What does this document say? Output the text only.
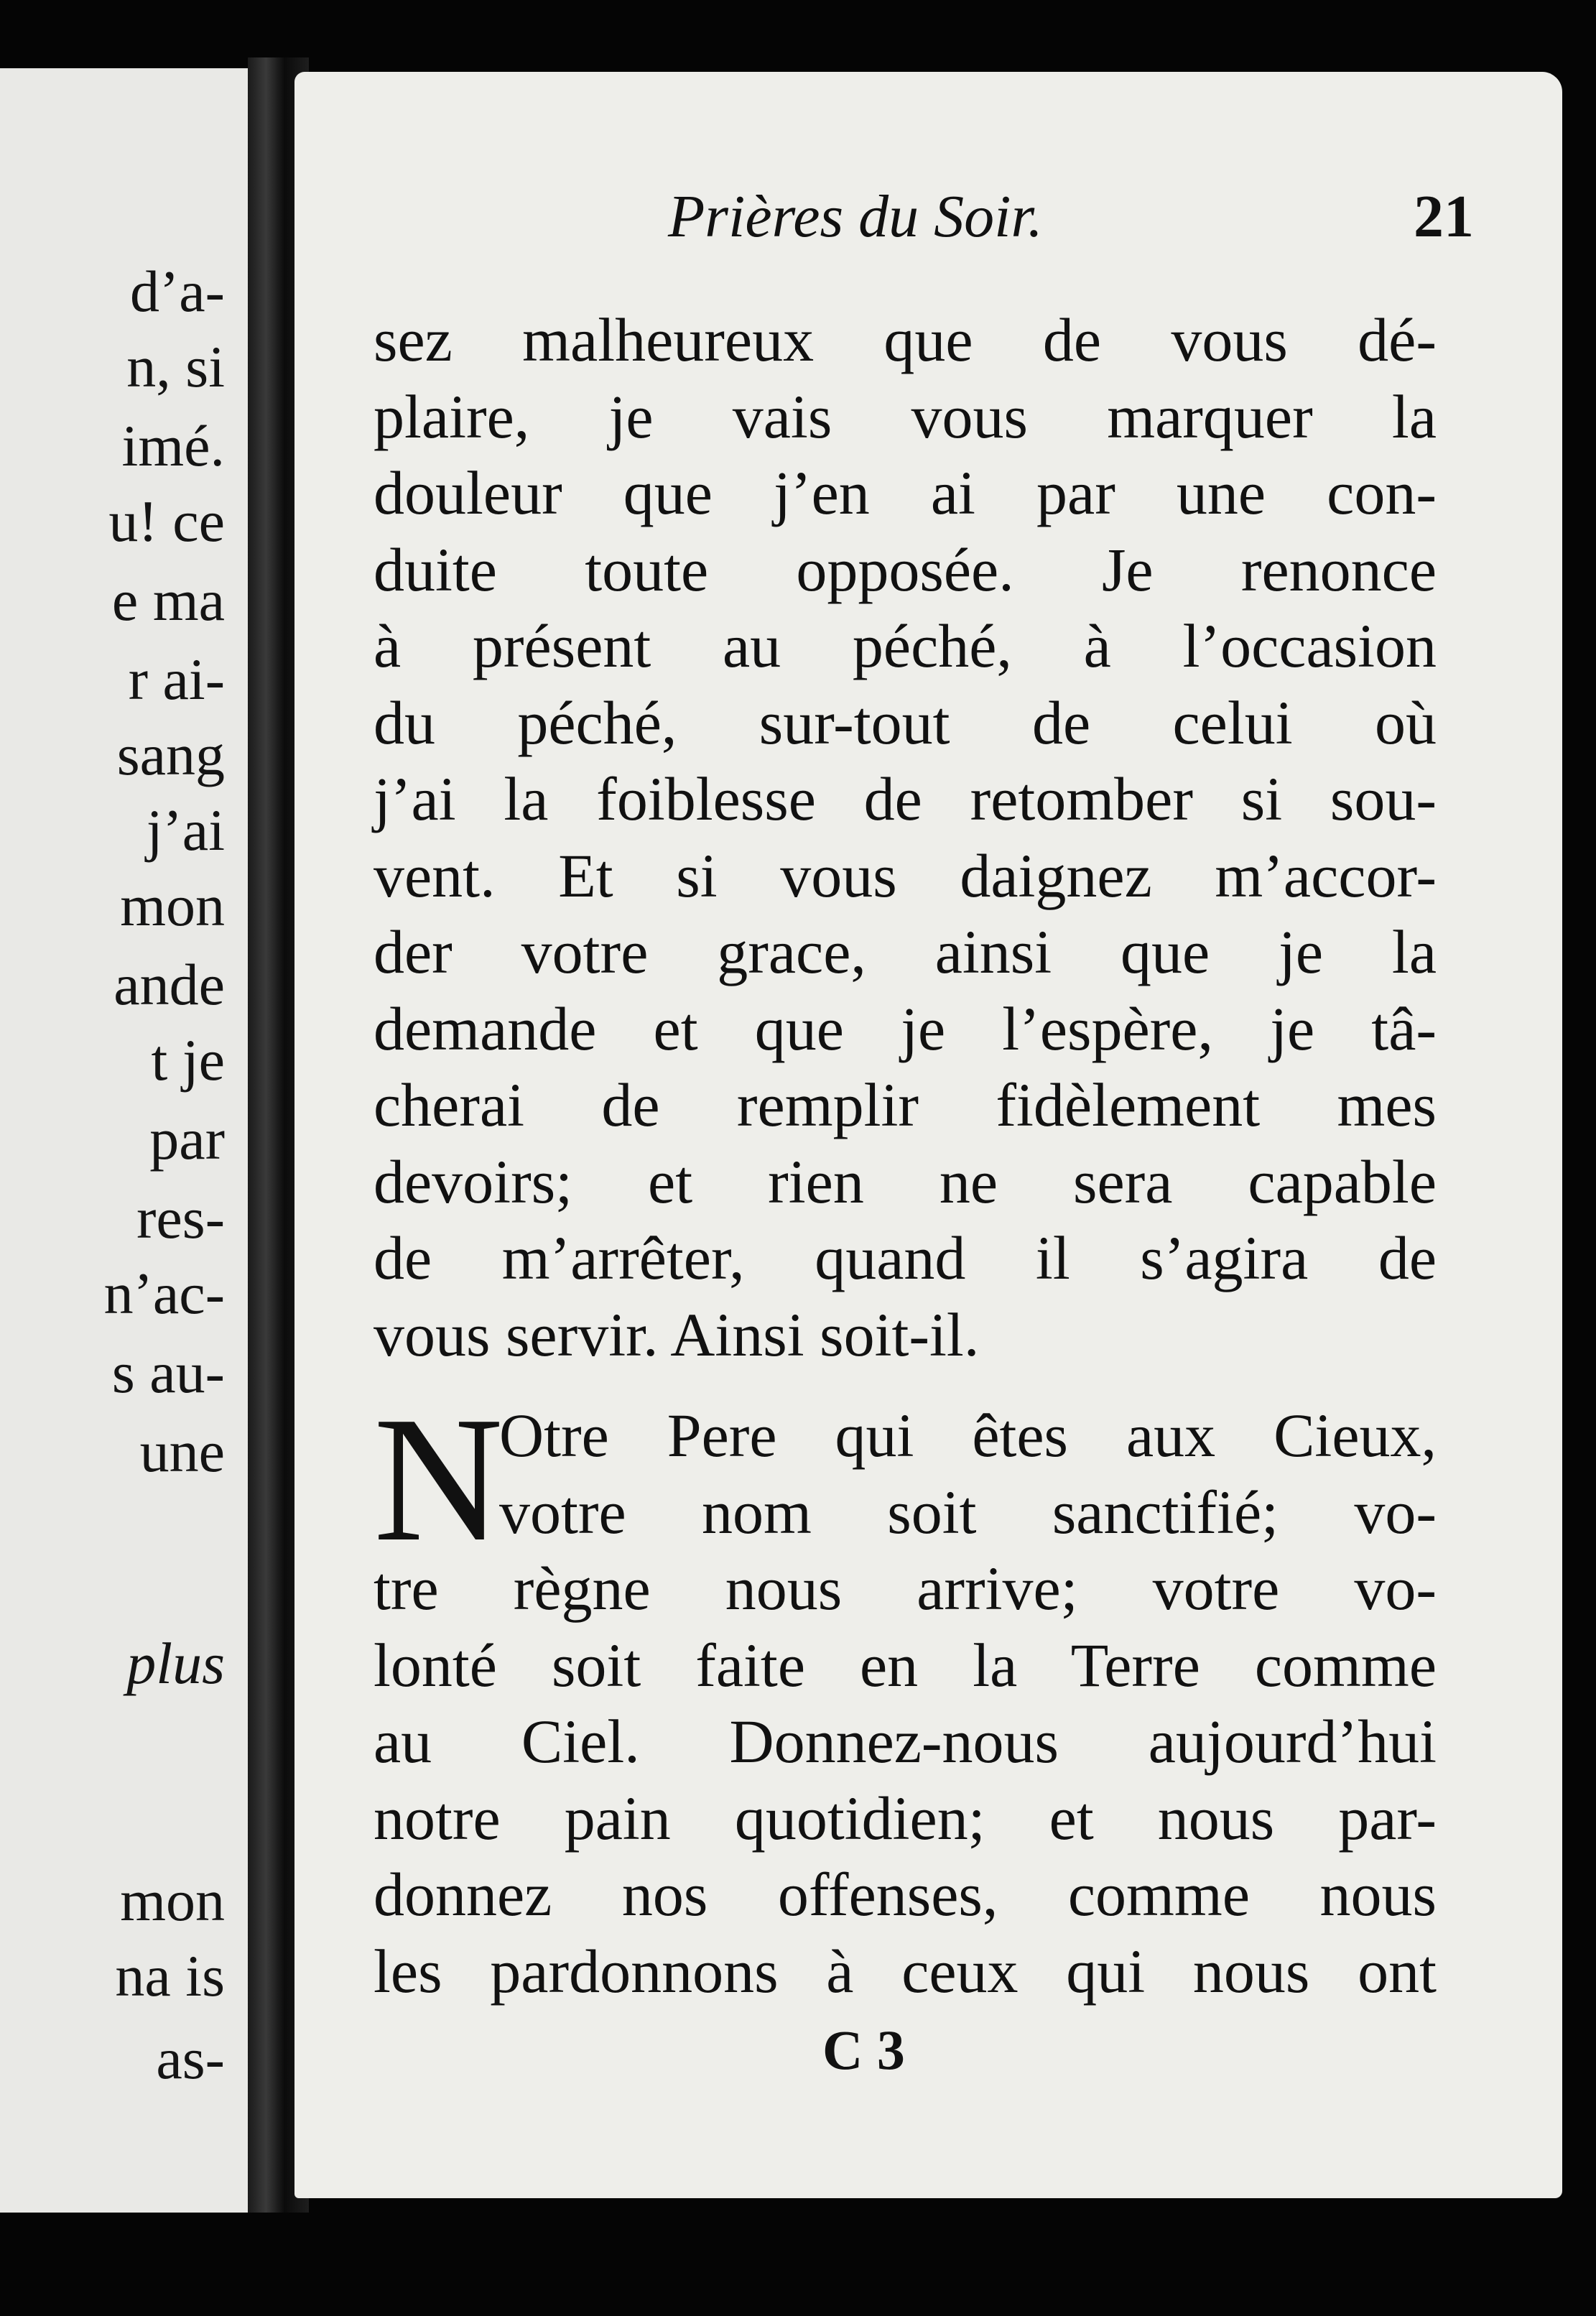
d’a-
n, si
imé.
u! ce
e ma
r ai-
sang
j’ai
mon
ande
t je
par
res-
n’ac-
s au-
une
plus
mon
na is
as-
Prières du Soir.	21
sez malheureux que de vous dé-
plaire, je vais vous marquer la
douleur que j’en ai par une con-
duite toute opposée. Je renonce
à présent au péché, à l’occasion
du péché, sur-tout de celui où
j’ai la foiblesse de retomber si sou-
vent. Et si vous daignez m’accor-
der votre grace, ainsi que je la
demande et que je l’espère, je tâ-
cherai de remplir fidèlement mes
devoirs; et rien ne sera capable
de m’arrêter, quand il s’agira de
vous servir. Ainsi soit-il.
N
Otre Pere qui êtes aux Cieux,
votre nom soit sanctifié; vo-
tre règne nous arrive; votre vo-
lonté soit faite en la Terre comme
au Ciel. Donnez-nous aujourd’hui
notre pain quotidien; et nous par-
donnez nos offenses, comme nous
les pardonnons à ceux qui nous ont
C 3
